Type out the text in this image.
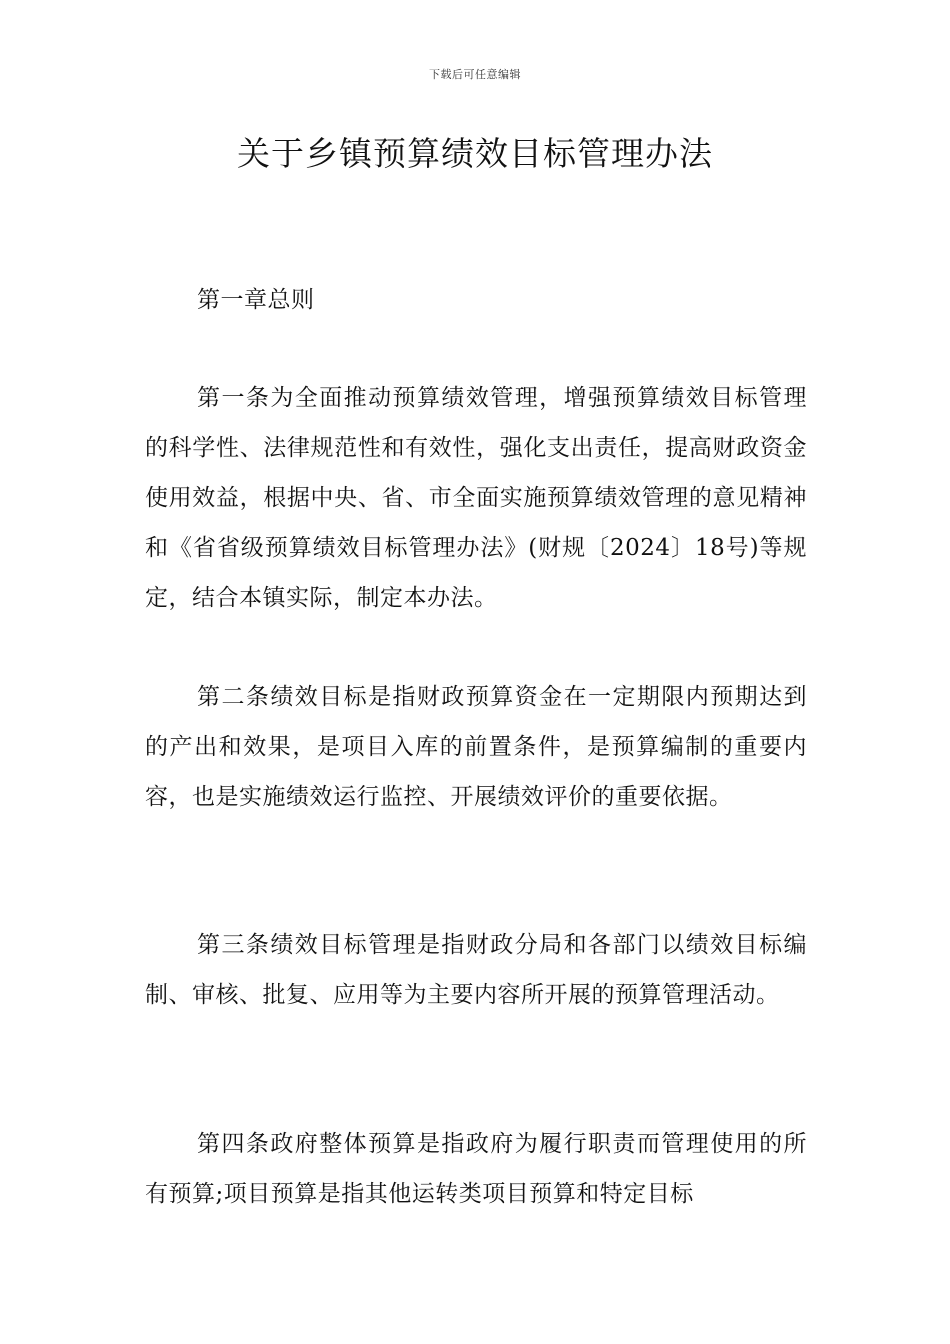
下载后可任意编辑
关于乡镇预算绩效目标管理办法
第一章总则

第一条为全面推动预算绩效管理，增强预算绩效目标管理的科学性、法律规范性和有效性，强化支出责任，提高财政资金使用效益，根据中央、省、市全面实施预算绩效管理的意见精神和《省省级预算绩效目标管理办法》(财规〔2024〕18号)等规定，结合本镇实际，制定本办法。

第二条绩效目标是指财政预算资金在一定期限内预期达到的产出和效果，是项目入库的前置条件，是预算编制的重要内容，也是实施绩效运行监控、开展绩效评价的重要依据。

第三条绩效目标管理是指财政分局和各部门以绩效目标编制、审核、批复、应用等为主要内容所开展的预算管理活动。

第四条政府整体预算是指政府为履行职责而管理使用的所有预算;项目预算是指其他运转类项目预算和特定目标
